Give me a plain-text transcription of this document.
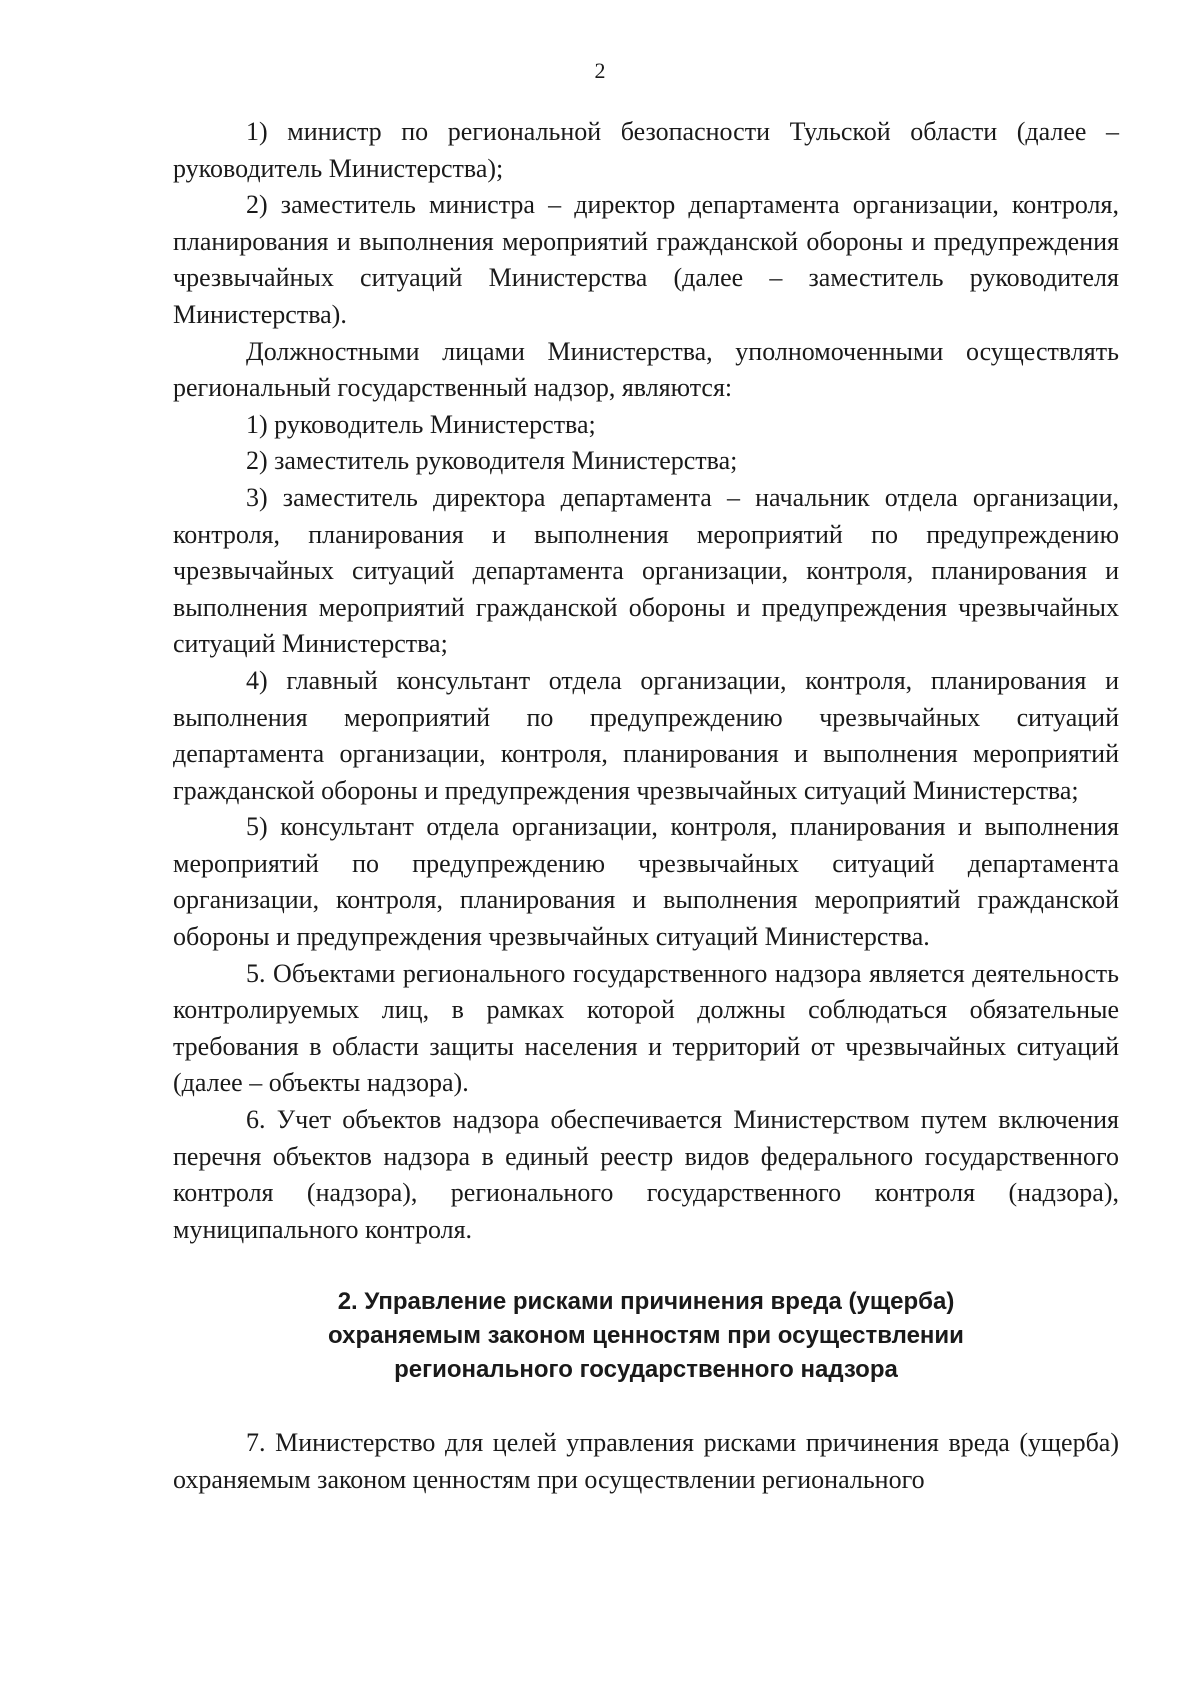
2

1) министр по региональной безопасности Тульской области (далее – руководитель Министерства);

2) заместитель министра – директор департамента организации, контроля, планирования и выполнения мероприятий гражданской обороны и предупреждения чрезвычайных ситуаций Министерства (далее – заместитель руководителя Министерства).

Должностными лицами Министерства, уполномоченными осуществлять региональный государственный надзор, являются:

1) руководитель Министерства;

2) заместитель руководителя Министерства;

3) заместитель директора департамента – начальник отдела организации, контроля, планирования и выполнения мероприятий по предупреждению чрезвычайных ситуаций департамента организации, контроля, планирования и выполнения мероприятий гражданской обороны и предупреждения чрезвычайных ситуаций Министерства;

4) главный консультант отдела организации, контроля, планирования и выполнения мероприятий по предупреждению чрезвычайных ситуаций департамента организации, контроля, планирования и выполнения мероприятий гражданской обороны и предупреждения чрезвычайных ситуаций Министерства;

5) консультант отдела организации, контроля, планирования и выполнения мероприятий по предупреждению чрезвычайных ситуаций департамента организации, контроля, планирования и выполнения мероприятий гражданской обороны и предупреждения чрезвычайных ситуаций Министерства.

5. Объектами регионального государственного надзора является деятельность контролируемых лиц, в рамках которой должны соблюдаться обязательные требования в области защиты населения и территорий от чрезвычайных ситуаций (далее – объекты надзора).

6. Учет объектов надзора обеспечивается Министерством путем включения перечня объектов надзора в единый реестр видов федерального государственного контроля (надзора), регионального государственного контроля (надзора), муниципального контроля.

2. Управление рисками причинения вреда (ущерба)
охраняемым законом ценностям при осуществлении
регионального государственного надзора

7. Министерство для целей управления рисками причинения вреда (ущерба) охраняемым законом ценностям при осуществлении регионального
